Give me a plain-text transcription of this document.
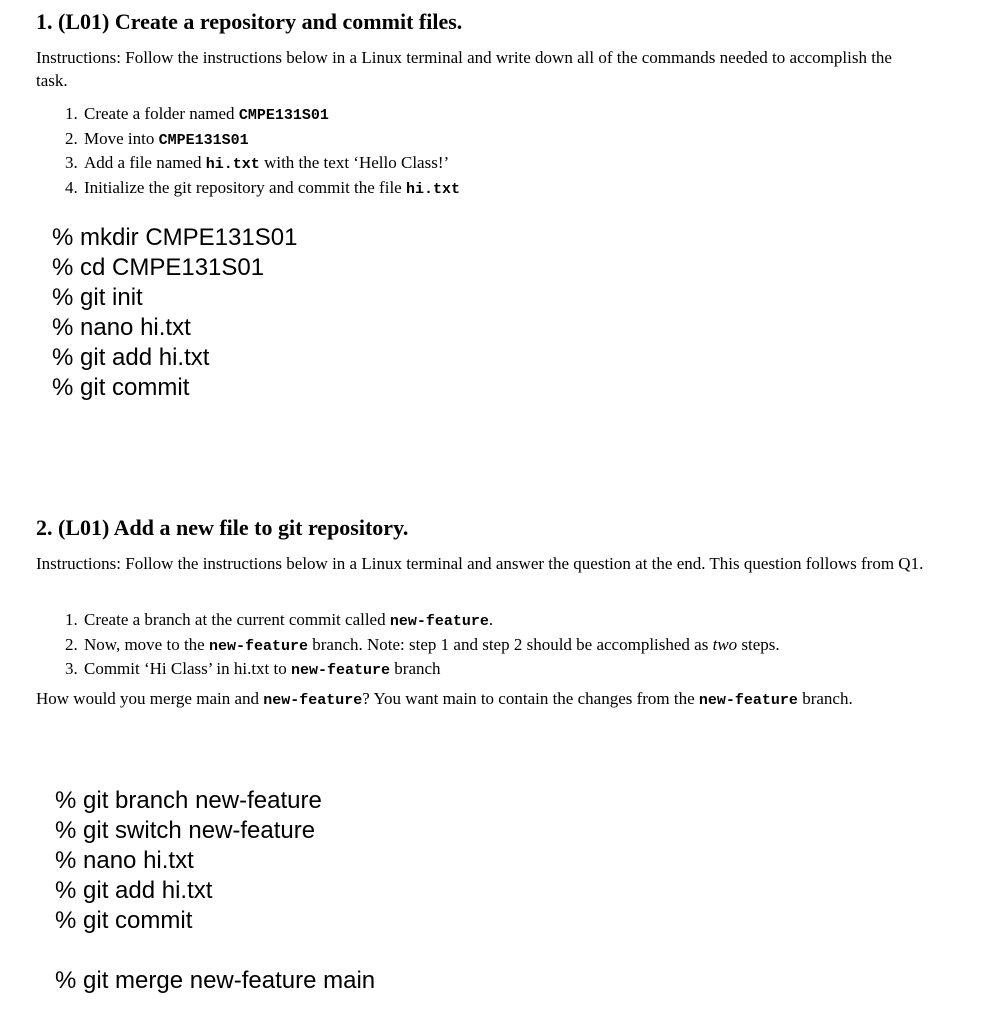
1. (L01) Create a repository and commit files.
Instructions: Follow the instructions below in a Linux terminal and write down all of the commands needed to accomplish the task.
1. Create a folder named CMPE131S01
2. Move into CMPE131S01
3. Add a file named hi.txt with the text ‘Hello Class!’
4. Initialize the git repository and commit the file hi.txt
% mkdir CMPE131S01
% cd CMPE131S01
% git init
% nano hi.txt
% git add hi.txt
% git commit
2. (L01) Add a new file to git repository.
Instructions: Follow the instructions below in a Linux terminal and answer the question at the end. This question follows from Q1.
1. Create a branch at the current commit called new-feature.
2. Now, move to the new-feature branch. Note: step 1 and step 2 should be accomplished as two steps.
3. Commit ‘Hi Class’ in hi.txt to new-feature branch
How would you merge main and new-feature? You want main to contain the changes from the new-feature branch.
% git branch new-feature
% git switch new-feature
% nano hi.txt
% git add hi.txt
% git commit
% git merge new-feature main
